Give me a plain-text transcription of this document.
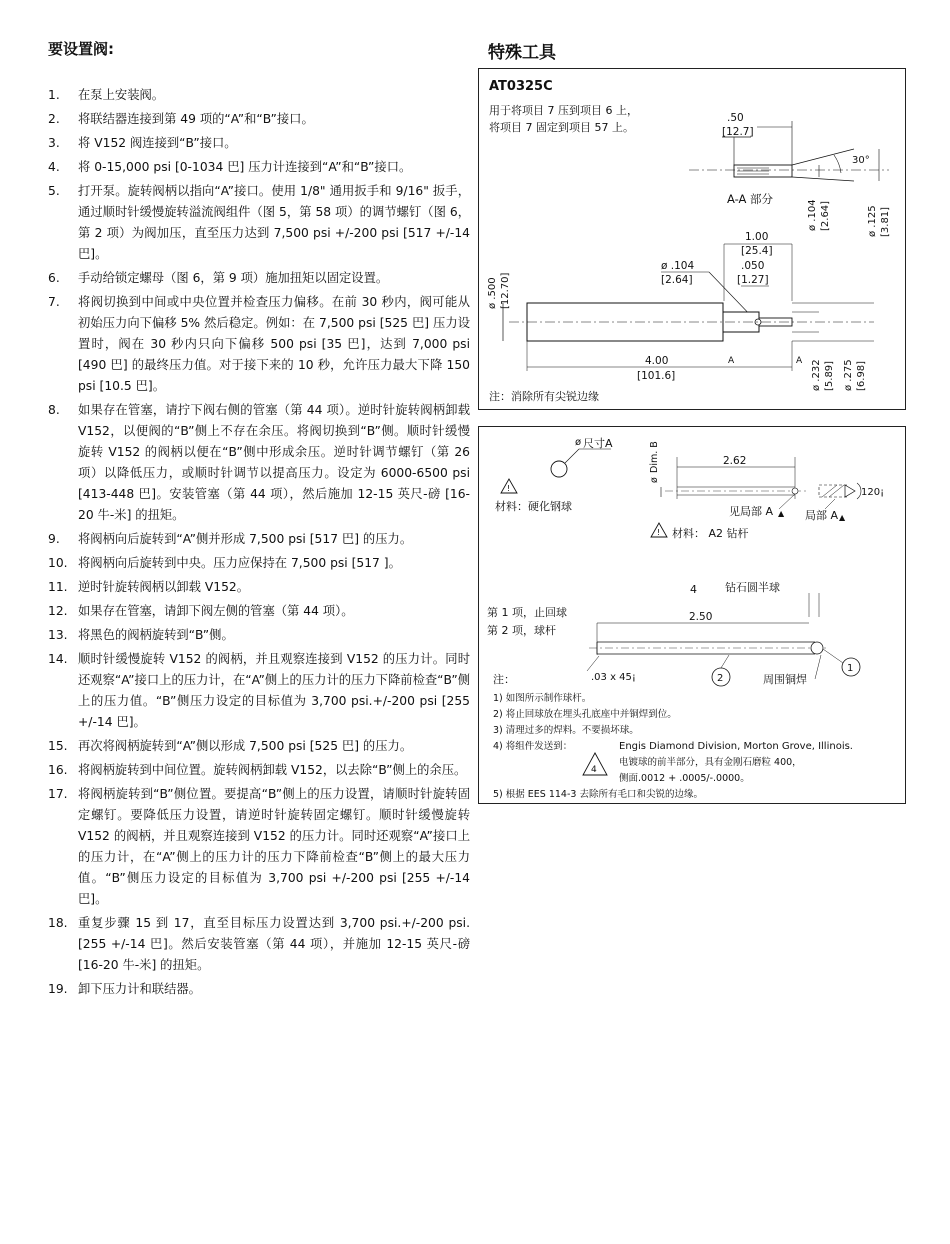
要设置阀:
1. 在泵上安装阀。
2. 将联结器连接到第 49 项的“A”和“B”接口。
3. 将 V152 阀连接到“B”接口。
4. 将 0-15,000 psi [0-1034 巴] 压力计连接到“A”和“B”接口。
5. 打开泵。旋转阀柄以指向“A”接口。使用 1/8" 通用扳手和 9/16" 扳手，通过顺时针缓慢旋转溢流阀组件（图 5，第 58 项）的调节螺钉（图 6，第 2 项）为阀加压，直至压力达到 7,500 psi +/-200 psi [517 +/-14 巴]。
6. 手动给锁定螺母（图 6，第 9 项）施加扭矩以固定设置。
7. 将阀切换到中间或中央位置并检查压力偏移。在前 30 秒内，阀可能从初始压力向下偏移 5% 然后稳定。例如：在 7,500 psi [525 巴] 压力设置时，阀在 30 秒内只向下偏移 500 psi [35 巴]，达到 7,000 psi [490 巴] 的最终压力值。对于接下来的 10 秒，允许压力最大下降 150 psi [10.5 巴]。
8. 如果存在管塞，请拧下阀右侧的管塞（第 44 项）。逆时针旋转阀柄卸载 V152，以便阀的“B”侧上不存在余压。将阀切换到“B”侧。顺时针缓慢旋转 V152 的阀柄以便在“B”侧中形成余压。逆时针调节螺钉（第 26 项）以降低压力，或顺时针调节以提高压力。设定为 6000-6500 psi [413-448 巴]。安装管塞（第 44 项），然后施加 12-15 英尺-磅 [16-20 牛-米] 的扭矩。
9. 将阀柄向后旋转到“A”侧并形成 7,500 psi [517 巴] 的压力。
10. 将阀柄向后旋转到中央。压力应保持在 7,500 psi [517 ]。
11. 逆时针旋转阀柄以卸载 V152。
12. 如果存在管塞，请卸下阀左侧的管塞（第 44 项）。
13. 将黑色的阀柄旋转到“B”侧。
14. 顺时针缓慢旋转 V152 的阀柄，并且观察连接到 V152 的压力计。同时还观察“A”接口上的压力计，在“A”侧上的压力计的压力下降前检查“B”侧上的压力值。“B”侧压力设定的目标值为 3,700 psi.+/-200 psi [255 +/-14 巴]。
15. 再次将阀柄旋转到“A”侧以形成 7,500 psi [525 巴] 的压力。
16. 将阀柄旋转到中间位置。旋转阀柄卸载 V152，以去除“B”侧上的余压。
17. 将阀柄旋转到“B”侧位置。要提高“B”侧上的压力设置，请顺时针旋转固定螺钉。要降低压力设置，请逆时针旋转固定螺钉。顺时针缓慢旋转 V152 的阀柄，并且观察连接到 V152 的压力计。同时还观察“A”接口上的压力计，在“A”侧上的压力计的压力下降前检查“B”侧上的最大压力值。“B”侧压力设定的目标值为 3,700 psi +/-200 psi [255 +/-14 巴]。
18. 重复步骤 15 到 17，直至目标压力设置达到 3,700 psi.+/-200 psi. [255 +/-14 巴]。然后安装管塞（第 44 项），并施加 12-15 英尺-磅 [16-20 牛-米] 的扭矩。
19. 卸下压力计和联结器。
特殊工具
AT0325C
用于将项目 7 压到项目 6 上，
将项目 7 固定到项目 57 上。
.50
[12.7]
30°
A-A 部分
ø .104 [2.64]	ø .125 [3.81]
1.00
[25.4]
ø .104
[2.64]
.050
[1.27]
ø .500 [12.70]
A	A
4.00
[101.6]	ø .232 [5.89] ø .275 [6.98]
注：消除所有尖锐边缘
ø 尺寸A
!
材料：硬化钢球
ø
Dim. B	2.62
见局部 A ▲
120¡
局部 A ▲
! 材料： A2 钻杆
4	钻石圆半球
第 1 项，止回球
第 2 项，球杆
2.50
.03 x 45¡	2	周围铜焊
1
注：
1) 如图所示制作球杆。
2) 将止回球放在埋头孔底座中并铜焊到位。
3) 清理过多的焊料。不要损坏球。
4) 将组件发送到：	Engis Diamond Division, Morton Grove, Illinois.
4
电镀球的前半部分，具有金刚石磨粒 400，
侧面.0012 + .0005/-.0000。
5) 根据 EES 114-3 去除所有毛口和尖锐的边缘。
